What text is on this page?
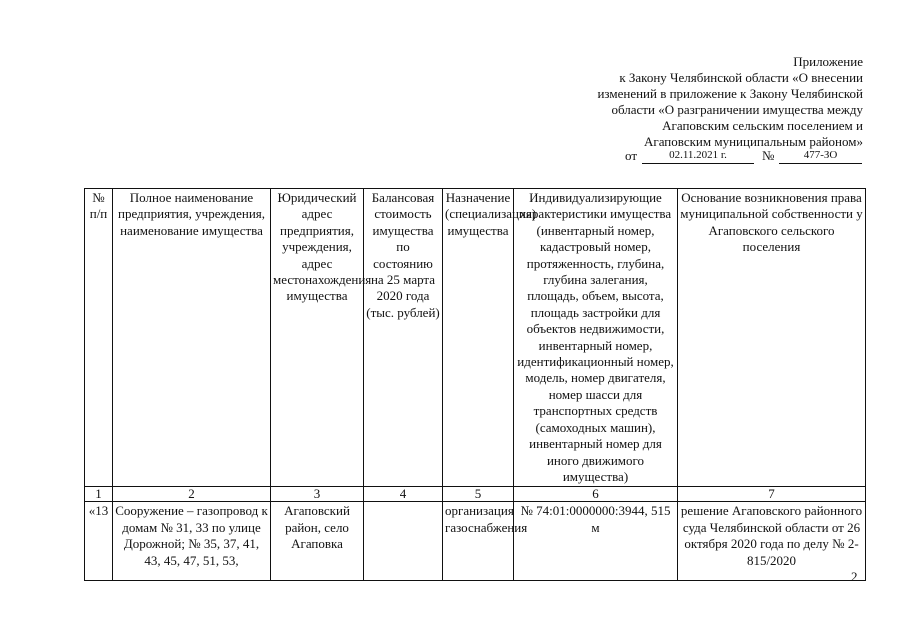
Приложение
к Закону Челябинской области «О внесении
изменений в приложение к Закону Челябинской
области «О разграничении имущества между
Агаповским сельским поселением и
Агаповским муниципальным районом»
от	02.11.2021 г.	№	477-ЗО
№ п/п	Полное наименование предприятия, учреждения, наименование имущества	Юридический адрес предприятия, учреждения, адрес местонахождения имущества	Балансовая стоимость имущества по состоянию на 25 марта 2020 года (тыс. рублей)	Назначение (специализация) имущества	Индивидуализирующие характеристики имущества (инвентарный номер, кадастровый номер, протяженность, глубина, глубина залегания, площадь, объем, высота, площадь застройки для объектов недвижимости, инвентарный номер, идентификационный номер, модель, номер двигателя, номер шасси для транспортных средств (самоходных машин), инвентарный номер для иного движимого имущества)	Основание возникновения права муниципальной собственности у Агаповского сельского поселения
1	2	3	4	5	6	7

«13	Сооружение – газопровод к домам № 31, 33 по улице Дорожной; № 35, 37, 41, 43, 45, 47, 51, 53,	Агаповский район, село Агаповка		организация газоснабжения	№ 74:01:0000000:3944, 515 м	решение Агаповского районного суда Челябинской области от 26 октября 2020 года по делу № 2-815/2020
2
